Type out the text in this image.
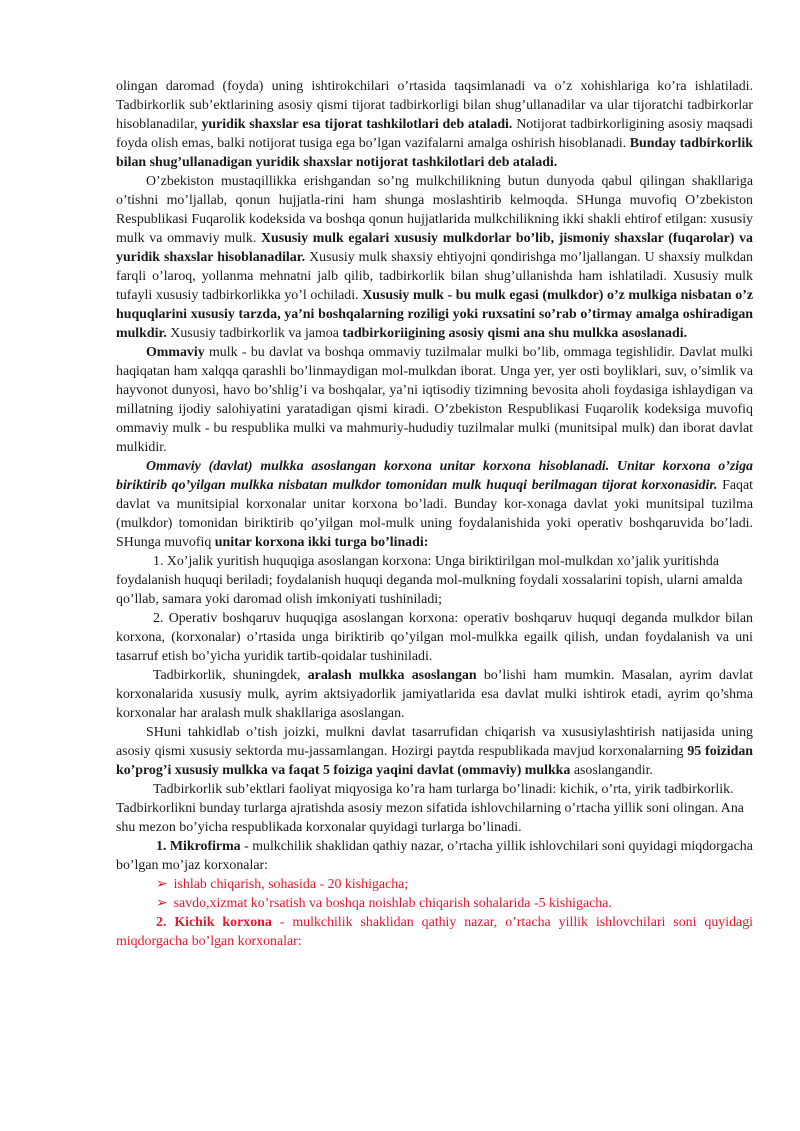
olingan daromad (foyda) uning ishtirokchilari o’rtasida taqsimlanadi va o’z xohishlariga ko’ra ishlatiladi. Tadbirkorlik sub’ektlarining asosiy qismi tijorat tadbirkorligi bilan shug’ullanadilar va ular tijoratchi tadbirkorlar hisoblanadilar, yuridik shaxslar esa tijorat tashkilotlari deb ataladi. Notijorat tadbirkorligining asosiy maqsadi foyda olish emas, balki notijorat tusiga ega bo’lgan vazifalarni amalga oshirish hisoblanadi. Bunday tadbirkorlik bilan shug’ullanadigan yuridik shaxslar notijorat tashkilotlari deb ataladi.

O’zbekiston mustaqillikka erishgandan so’ng mulkchilikning butun dunyoda qabul qilingan shakllariga o’tishni mo’ljallab, qonun hujjatla-rini ham shunga moslashtirib kelmoqda. SHunga muvofiq O’zbekiston Respublikasi Fuqarolik kodeksida va boshqa qonun hujjatlarida mulkchilikning ikki shakli ehtirof etilgan: xususiy mulk va ommaviy mulk. Xususiy mulk egalari xususiy mulkdorlar bo’lib, jismoniy shaxslar (fuqarolar) va yuridik shaxslar hisoblanadilar. Xususiy mulk shaxsiy ehtiyojni qondirishga mo’ljallangan. U shaxsiy mulkdan farqli o’laroq, yollanma mehnatni jalb qilib, tadbirkorlik bilan shug’ullanishda ham ishlatiladi. Xususiy mulk tufayli xususiy tadbirkorlikka yo’l ochiladi. Xususiy mulk - bu mulk egasi (mulkdor) o’z mulkiga nisbatan o’z huquqlarini xususiy tarzda, ya’ni boshqalarning roziligi yoki ruxsatini so’rab o’tirmay amalga oshiradigan mulkdir. Xususiy tadbirkorlik va jamoa tadbirkoriigining asosiy qismi ana shu mulkka asoslanadi.

Ommaviy mulk - bu davlat va boshqa ommaviy tuzilmalar mulki bo’lib, ommaga tegishlidir. Davlat mulki haqiqatan ham xalqqa qarashli bo’linmaydigan mol-mulkdan iborat. Unga yer, yer osti boyliklari, suv, o’simlik va hayvonot dunyosi, havo bo’shlig’i va boshqalar, ya’ni iqtisodiy tizimning bevosita aholi foydasiga ishlaydigan va millatning ijodiy salohiyatini yaratadigan qismi kiradi. O’zbekiston Respublikasi Fuqarolik kodeksiga muvofiq ommaviy mulk - bu respublika mulki va mahmuriy-hududiy tuzilmalar mulki (munitsipal mulk) dan iborat davlat mulkidir.

Ommaviy (davlat) mulkka asoslangan korxona unitar korxona hisoblanadi. Unitar korxona o’ziga biriktirib qo’yilgan mulkka nisbatan mulkdor tomonidan mulk huquqi berilmagan tijorat korxonasidir. Faqat davlat va munitsipial korxonalar unitar korxona bo’ladi. Bunday kor-xonaga davlat yoki munitsipal tuzilma (mulkdor) tomonidan biriktirib qo’yilgan mol-mulk uning foydalanishida yoki operativ boshqaruvida bo’ladi. SHunga muvofiq unitar korxona ikki turga bo’linadi:

1. Xo’jalik yuritish huquqiga asoslangan korxona: Unga biriktirilgan mol-mulkdan xo’jalik yuritishda foydalanish huquqi beriladi; foydalanish huquqi deganda mol-mulkning foydali xossalarini topish, ularni amalda qo’llab, samara yoki daromad olish imkoniyati tushiniladi;

2. Operativ boshqaruv huquqiga asoslangan korxona: operativ boshqaruv huquqi deganda mulkdor bilan korxona, (korxonalar) o’rtasida unga biriktirib qo’yilgan mol-mulkka egailk qilish, undan foydalanish va uni tasarruf etish bo’yicha yuridik tartib-qoidalar tushiniladi.

Tadbirkorlik, shuningdek, aralash mulkka asoslangan bo’lishi ham mumkin. Masalan, ayrim davlat korxonalarida xususiy mulk, ayrim aktsiyadorlik jamiyatlarida esa davlat mulki ishtirok etadi, ayrim qo’shma korxonalar har aralash mulk shakllariga asoslangan.

SHuni tahkidlab o’tish joizki, mulkni davlat tasarrufidan chiqarish va xususiylashtirish natijasida uning asosiy qismi xususiy sektorda mu-jassamlangan. Hozirgi paytda respublikada mavjud korxonalarning 95 foizidan ko’prog’i xususiy mulkka va faqat 5 foiziga yaqini davlat (ommaviy) mulkka asoslangandir.

Tadbirkorlik sub’ektlari faoliyat miqyosiga ko’ra ham turlarga bo’linadi: kichik, o’rta, yirik tadbirkorlik. Tadbirkorlikni bunday turlarga ajratishda asosiy mezon sifatida ishlovchilarning o’rtacha yillik soni olingan. Ana shu mezon bo’yicha respublikada korxonalar quyidagi turlarga bo’linadi.

1. Mikrofirma - mulkchilik shaklidan qathiy nazar, o’rtacha yillik ishlovchilari soni quyidagi miqdorgacha bo’lgan mo’jaz korxonalar:

➢ ishlab chiqarish, sohasida - 20 kishigacha;
➢ savdo,xizmat ko’rsatish va boshqa noishlab chiqarish sohalarida -5 kishigacha.

2. Kichik korxona - mulkchilik shaklidan qathiy nazar, o’rtacha yillik ishlovchilari soni quyidagi miqdorgacha bo’lgan korxonalar:
